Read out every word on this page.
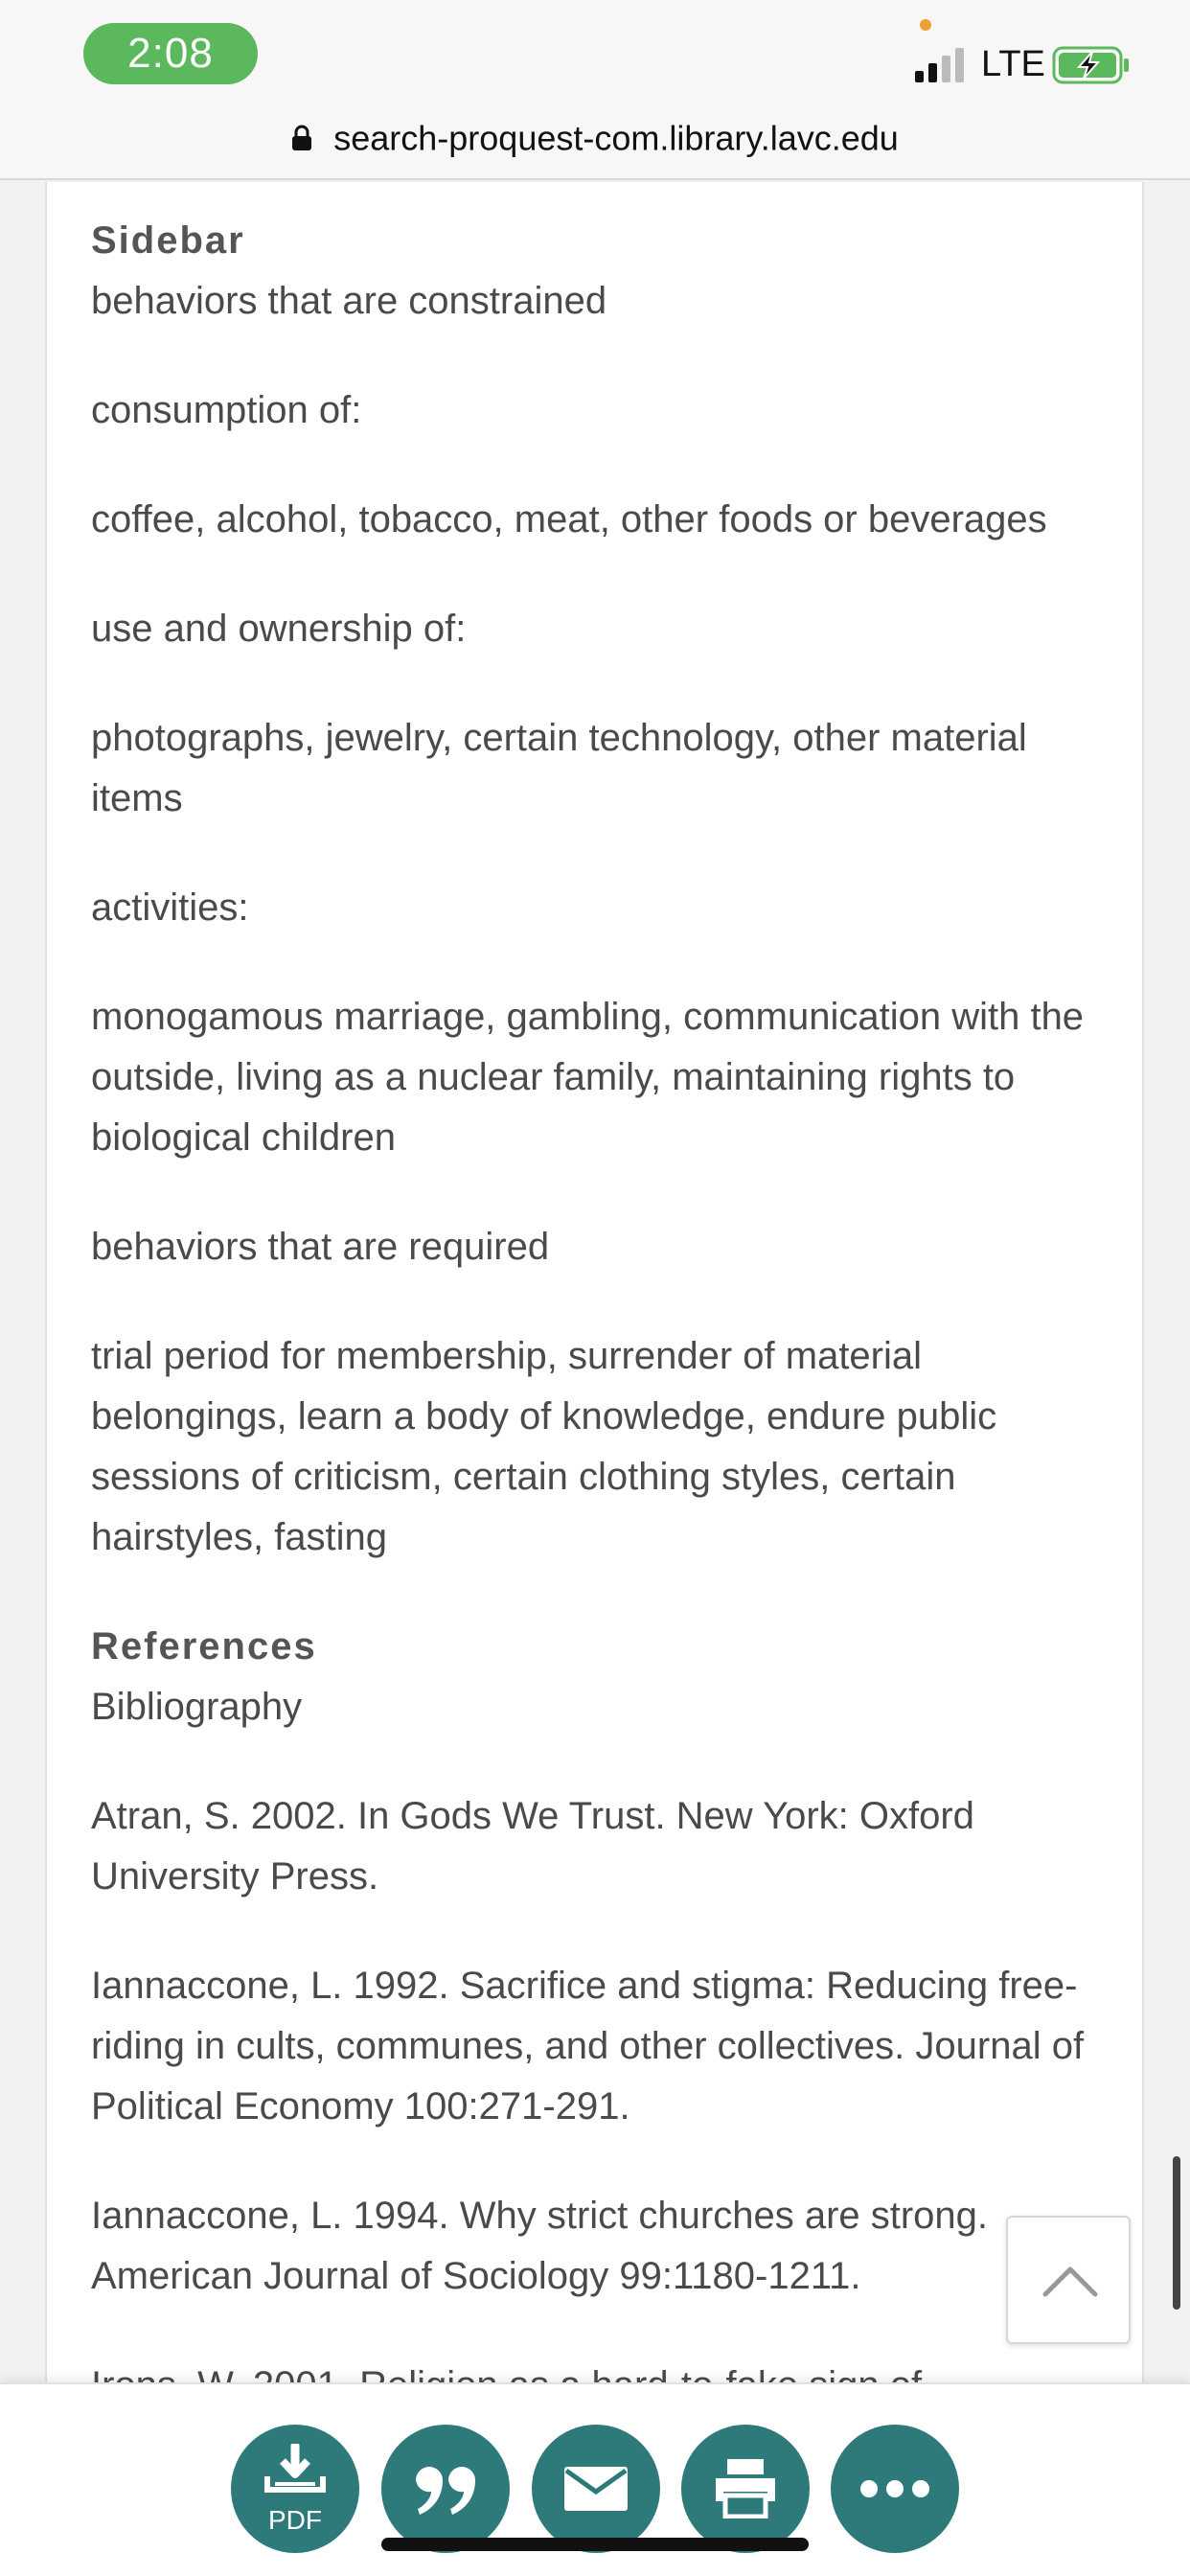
2:08	LTE
search-proquest-com.library.lavc.edu
Sidebar

behaviors that are constrained

consumption of:

coffee, alcohol, tobacco, meat, other foods or beverages

use and ownership of:

photographs, jewelry, certain technology, other material items

activities:

monogamous marriage, gambling, communication with the outside, living as a nuclear family, maintaining rights to biological children

behaviors that are required

trial period for membership, surrender of material belongings, learn a body of knowledge, endure public sessions of criticism, certain clothing styles, certain hairstyles, fasting

References

Bibliography

Atran, S. 2002. In Gods We Trust. New York: Oxford University Press.

Iannaccone, L. 1992. Sacrifice and stigma: Reducing free-riding in cults, communes, and other collectives. Journal of Political Economy 100:271-291.

Iannaccone, L. 1994. Why strict churches are strong. American Journal of Sociology 99:1180-1211.

PDF
